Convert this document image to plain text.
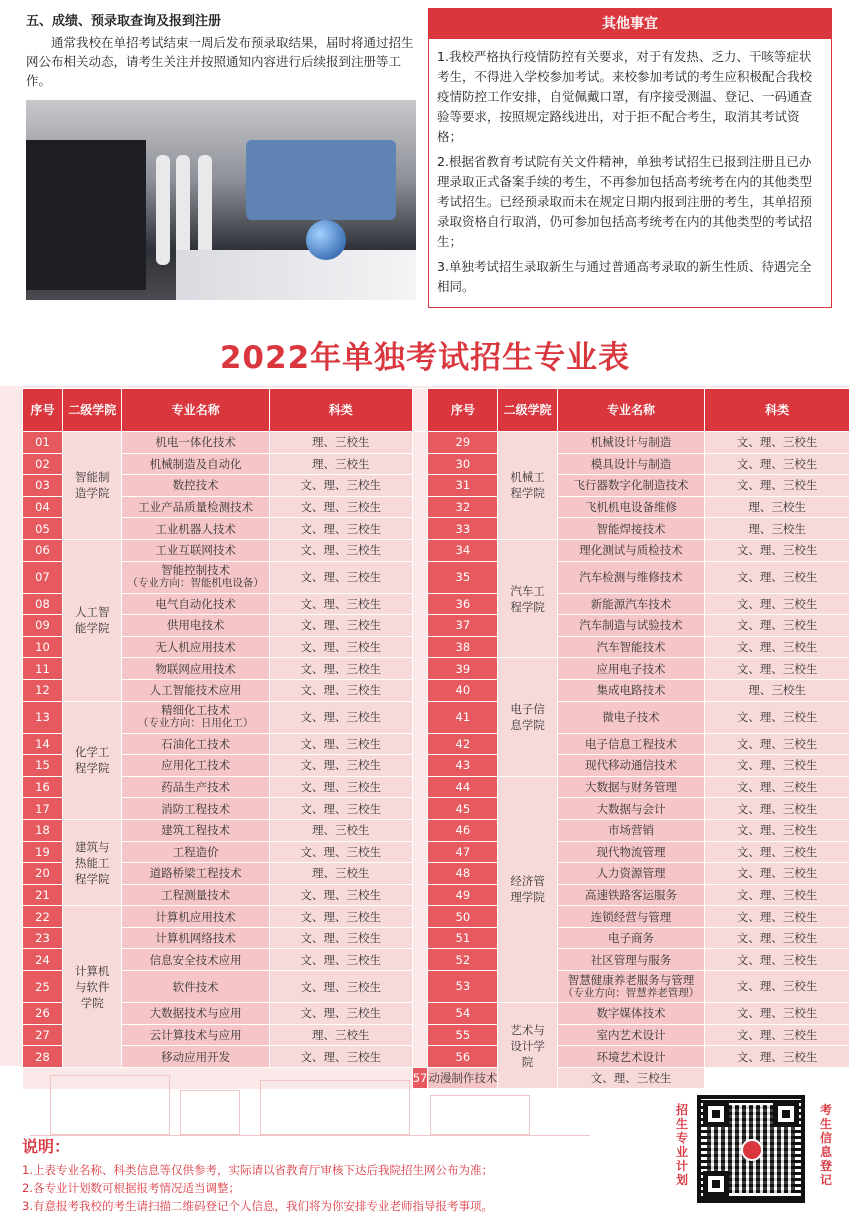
五、成绩、预录取查询及报到注册

通常我校在单招考试结束一周后发布预录取结果，届时将通过招生网公布相关动态，请考生关注并按照通知内容进行后续报到注册等工作。

其他事宜

1.我校严格执行疫情防控有关要求，对于有发热、乏力、干咳等症状考生，不得进入学校参加考试。来校参加考试的考生应积极配合我校疫情防控工作安排，自觉佩戴口罩，有序接受测温、登记、一码通查验等要求，按照规定路线进出，对于拒不配合考生，取消其考试资格；

2.根据省教育考试院有关文件精神，单独考试招生已报到注册且已办理录取正式备案手续的考生，不再参加包括高考统考在内的其他类型考试招生。已经预录取而未在规定日期内报到注册的考生，其单招预录取资格自行取消，仍可参加包括高考统考在内的其他类型的考试招生；

3.单独考试招生录取新生与通过普通高考录取的新生性质、待遇完全相同。

2022年单独考试招生专业表
序号	二级学院	专业名称	科类		序号	二级学院	专业名称	科类
01	智能制造学院	机电一体化技术	理、三校生		29	机械工程学院	机械设计与制造	文、理、三校生
02		机械制造及自动化	理、三校生		30		模具设计与制造	文、理、三校生
03		数控技术	文、理、三校生		31		飞行器数字化制造技术	文、理、三校生
04		工业产品质量检测技术	文、理、三校生		32		飞机机电设备维修	理、三校生
05		工业机器人技术	文、理、三校生		33		智能焊接技术	理、三校生
06	人工智能学院	工业互联网技术	文、理、三校生		34	汽车工程学院	理化测试与质检技术	文、理、三校生
07		智能控制技术
（专业方向：智能机电设备）	文、理、三校生		35		汽车检测与维修技术	文、理、三校生
08		电气自动化技术	文、理、三校生		36		新能源汽车技术	文、理、三校生
09		供用电技术	文、理、三校生		37		汽车制造与试验技术	文、理、三校生
10		无人机应用技术	文、理、三校生		38		汽车智能技术	文、理、三校生
11		物联网应用技术	文、理、三校生		39	电子信息学院	应用电子技术	文、理、三校生
12		人工智能技术应用	文、理、三校生		40		集成电路技术	理、三校生
13	化学工程学院	精细化工技术
（专业方向：日用化工）	文、理、三校生		41		微电子技术	文、理、三校生
14		石油化工技术	文、理、三校生		42		电子信息工程技术	文、理、三校生
15		应用化工技术	文、理、三校生		43		现代移动通信技术	文、理、三校生
16		药品生产技术	文、理、三校生		44	经济管理学院	大数据与财务管理	文、理、三校生
17		消防工程技术	文、理、三校生		45		大数据与会计	文、理、三校生
18	建筑与热能工程学院	建筑工程技术	理、三校生		46		市场营销	文、理、三校生
19		工程造价	文、理、三校生		47		现代物流管理	文、理、三校生
20		道路桥梁工程技术	理、三校生		48		人力资源管理	文、理、三校生
21		工程测量技术	文、理、三校生		49		高速铁路客运服务	文、理、三校生
22	计算机与软件学院	计算机应用技术	文、理、三校生		50		连锁经营与管理	文、理、三校生
23		计算机网络技术	文、理、三校生		51		电子商务	文、理、三校生
24		信息安全技术应用	文、理、三校生		52		社区管理与服务	文、理、三校生
25		软件技术	文、理、三校生		53		智慧健康养老服务与管理
（专业方向：智慧养老管理）	文、理、三校生
26		大数据技术与应用	文、理、三校生		54	艺术与设计学院	数字媒体技术	文、理、三校生
27		云计算技术与应用	理、三校生		55		室内艺术设计	文、理、三校生
28		移动应用开发	文、理、三校生		56		环境艺术设计	文、理、三校生
				57	动漫制作技术		文、理、三校生	
说明：
1.上表专业名称、科类信息等仅供参考，实际请以省教育厅审核下达后我院招生网公布为准；
2.各专业计划数可根据报考情况适当调整；
3.有意报考我校的考生请扫描二维码登记个人信息，我们将为你安排专业老师指导报考事项。
招生专业计划
考生信息登记
